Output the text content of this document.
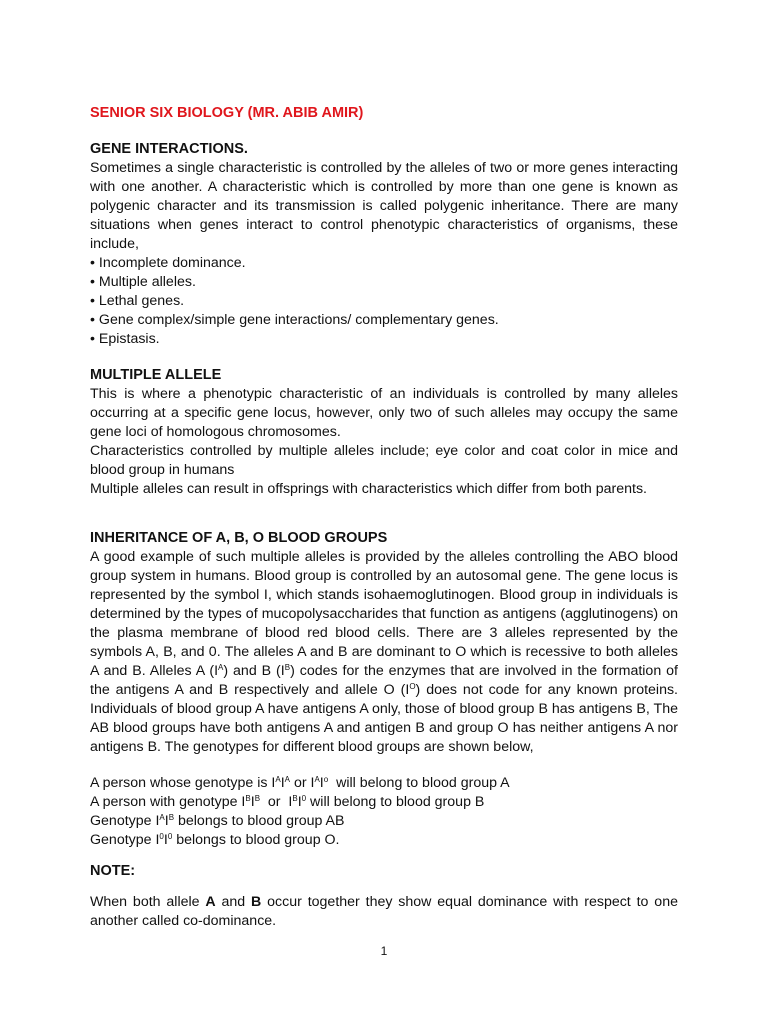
SENIOR SIX BIOLOGY (MR. ABIB AMIR)
GENE INTERACTIONS.

Sometimes a single characteristic is controlled by the alleles of two or more genes interacting with one another. A characteristic which is controlled by more than one gene is known as polygenic character and its transmission is called polygenic inheritance. There are many situations when genes interact to control phenotypic characteristics of organisms, these include,

• Incomplete dominance.
• Multiple alleles.
• Lethal genes.
• Gene complex/simple gene interactions/ complementary genes.
• Epistasis.
MULTIPLE ALLELE

This is where a phenotypic characteristic of an individuals is controlled by many alleles occurring at a specific gene locus, however, only two of such alleles may occupy the same gene loci of homologous chromosomes.

Characteristics controlled by multiple alleles include; eye color and coat color in mice and blood group in humans

Multiple alleles can result in offsprings with characteristics which differ from both parents.

INHERITANCE OF A, B, O BLOOD GROUPS

A good example of such multiple alleles is provided by the alleles controlling the ABO blood group system in humans. Blood group is controlled by an autosomal gene. The gene locus is represented by the symbol I, which stands isohaemoglutinogen. Blood group in individuals is determined by the types of mucopolysaccharides that function as antigens (agglutinogens) on the plasma membrane of blood red blood cells. There are 3 alleles represented by the symbols A, B, and 0. The alleles A and B are dominant to O which is recessive to both alleles A and B. Alleles A $(I^A)$ and B $(I^B)$ codes for the enzymes that are involved in the formation of the antigens A and B respectively and allele O $(I^O)$ does not code for any known proteins. Individuals of blood group A have antigens A only, those of blood group B has antigens B, The AB blood groups have both antigens A and antigen B and group O has neither antigens A nor antigens B. The genotypes for different blood groups are shown below,

A person whose genotype is $I^AI^A$ or $I^AI^o$  will belong to blood group A
A person with genotype $I^BI^B$  or  $I^BI^0$ will belong to blood group B
Genotype $I^AI^B$ belongs to blood group AB
Genotype $I^0I^0$ belongs to blood group O.
NOTE:

When both allele A and B occur together they show equal dominance with respect to one another called co-dominance.

1
